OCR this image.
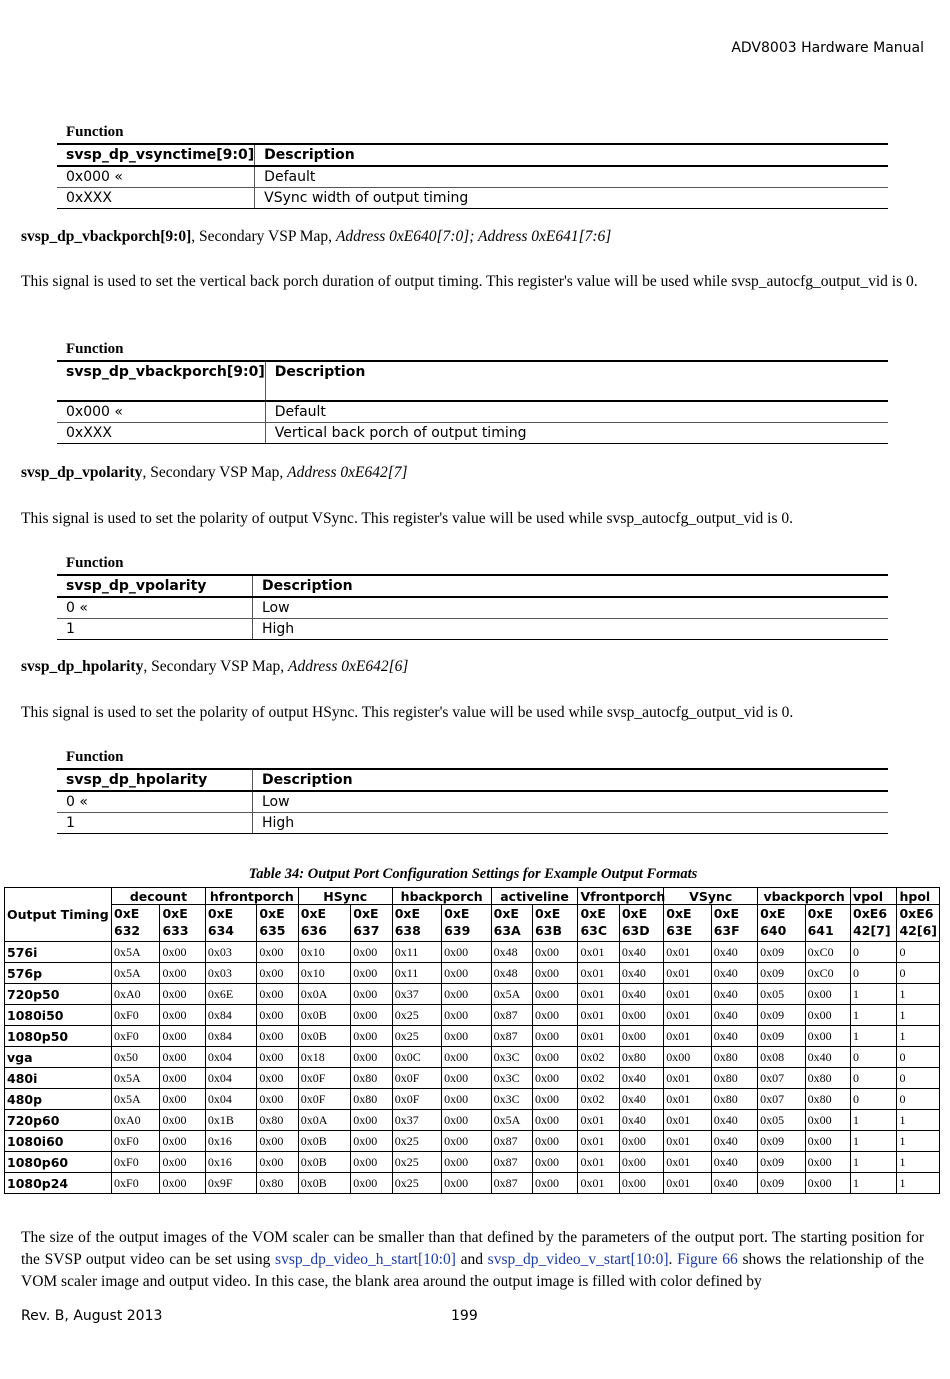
ADV8003 Hardware Manual
Function
svsp_dp_vsynctime[9:0]	Description
0x000 «	Default
0xXXX	VSync width of output timing
svsp_dp_vbackporch[9:0], Secondary VSP Map, Address 0xE640[7:0]; Address 0xE641[7:6]
This signal is used to set the vertical back porch duration of output timing. This register's value will be used while svsp_autocfg_output_vid is 0.
Function
svsp_dp_vbackporch[9:0]	Description
0x000 «	Default
0xXXX	Vertical back porch of output timing
svsp_dp_vpolarity, Secondary VSP Map, Address 0xE642[7]
This signal is used to set the polarity of output VSync. This register's value will be used while svsp_autocfg_output_vid is 0.
Function
svsp_dp_vpolarity	Description
0 «	Low
1	High
svsp_dp_hpolarity, Secondary VSP Map, Address 0xE642[6]
This signal is used to set the polarity of output HSync. This register's value will be used while svsp_autocfg_output_vid is 0.
Function
svsp_dp_hpolarity	Description
0 «	Low
1	High
Table 34: Output Port Configuration Settings for Example Output Formats
Output Timing	decount		hfrontporch		HSync		hbackporch		activeline		Vfrontporch		VSync		vbackporch		vpol	hpol
	0xE 632	0xE 633	0xE 634	0xE 635	0xE 636	0xE 637	0xE 638	0xE 639	0xE 63A	0xE 63B	0xE 63C	0xE 63D	0xE 63E	0xE 63F	0xE 640	0xE 641	0xE6 42[7]	0xE6 42[6]
576i	0x5A	0x00	0x03	0x00	0x10	0x00	0x11	0x00	0x48	0x00	0x01	0x40	0x01	0x40	0x09	0xC0	0	0
576p	0x5A	0x00	0x03	0x00	0x10	0x00	0x11	0x00	0x48	0x00	0x01	0x40	0x01	0x40	0x09	0xC0	0	0
720p50	0xA0	0x00	0x6E	0x00	0x0A	0x00	0x37	0x00	0x5A	0x00	0x01	0x40	0x01	0x40	0x05	0x00	1	1
1080i50	0xF0	0x00	0x84	0x00	0x0B	0x00	0x25	0x00	0x87	0x00	0x01	0x00	0x01	0x40	0x09	0x00	1	1
1080p50	0xF0	0x00	0x84	0x00	0x0B	0x00	0x25	0x00	0x87	0x00	0x01	0x00	0x01	0x40	0x09	0x00	1	1
vga	0x50	0x00	0x04	0x00	0x18	0x00	0x0C	0x00	0x3C	0x00	0x02	0x80	0x00	0x80	0x08	0x40	0	0
480i	0x5A	0x00	0x04	0x00	0x0F	0x80	0x0F	0x00	0x3C	0x00	0x02	0x40	0x01	0x80	0x07	0x80	0	0
480p	0x5A	0x00	0x04	0x00	0x0F	0x80	0x0F	0x00	0x3C	0x00	0x02	0x40	0x01	0x80	0x07	0x80	0	0
720p60	0xA0	0x00	0x1B	0x80	0x0A	0x00	0x37	0x00	0x5A	0x00	0x01	0x40	0x01	0x40	0x05	0x00	1	1
1080i60	0xF0	0x00	0x16	0x00	0x0B	0x00	0x25	0x00	0x87	0x00	0x01	0x00	0x01	0x40	0x09	0x00	1	1
1080p60	0xF0	0x00	0x16	0x00	0x0B	0x00	0x25	0x00	0x87	0x00	0x01	0x00	0x01	0x40	0x09	0x00	1	1
1080p24	0xF0	0x00	0x9F	0x80	0x0B	0x00	0x25	0x00	0x87	0x00	0x01	0x00	0x01	0x40	0x09	0x00	1	1
The size of the output images of the VOM scaler can be smaller than that defined by the parameters of the output port. The starting position for the SVSP output video can be set using svsp_dp_video_h_start[10:0] and svsp_dp_video_v_start[10:0]. Figure 66 shows the relationship of the VOM scaler image and output video. In this case, the blank area around the output image is filled with color defined by
Rev. B, August 2013	199
